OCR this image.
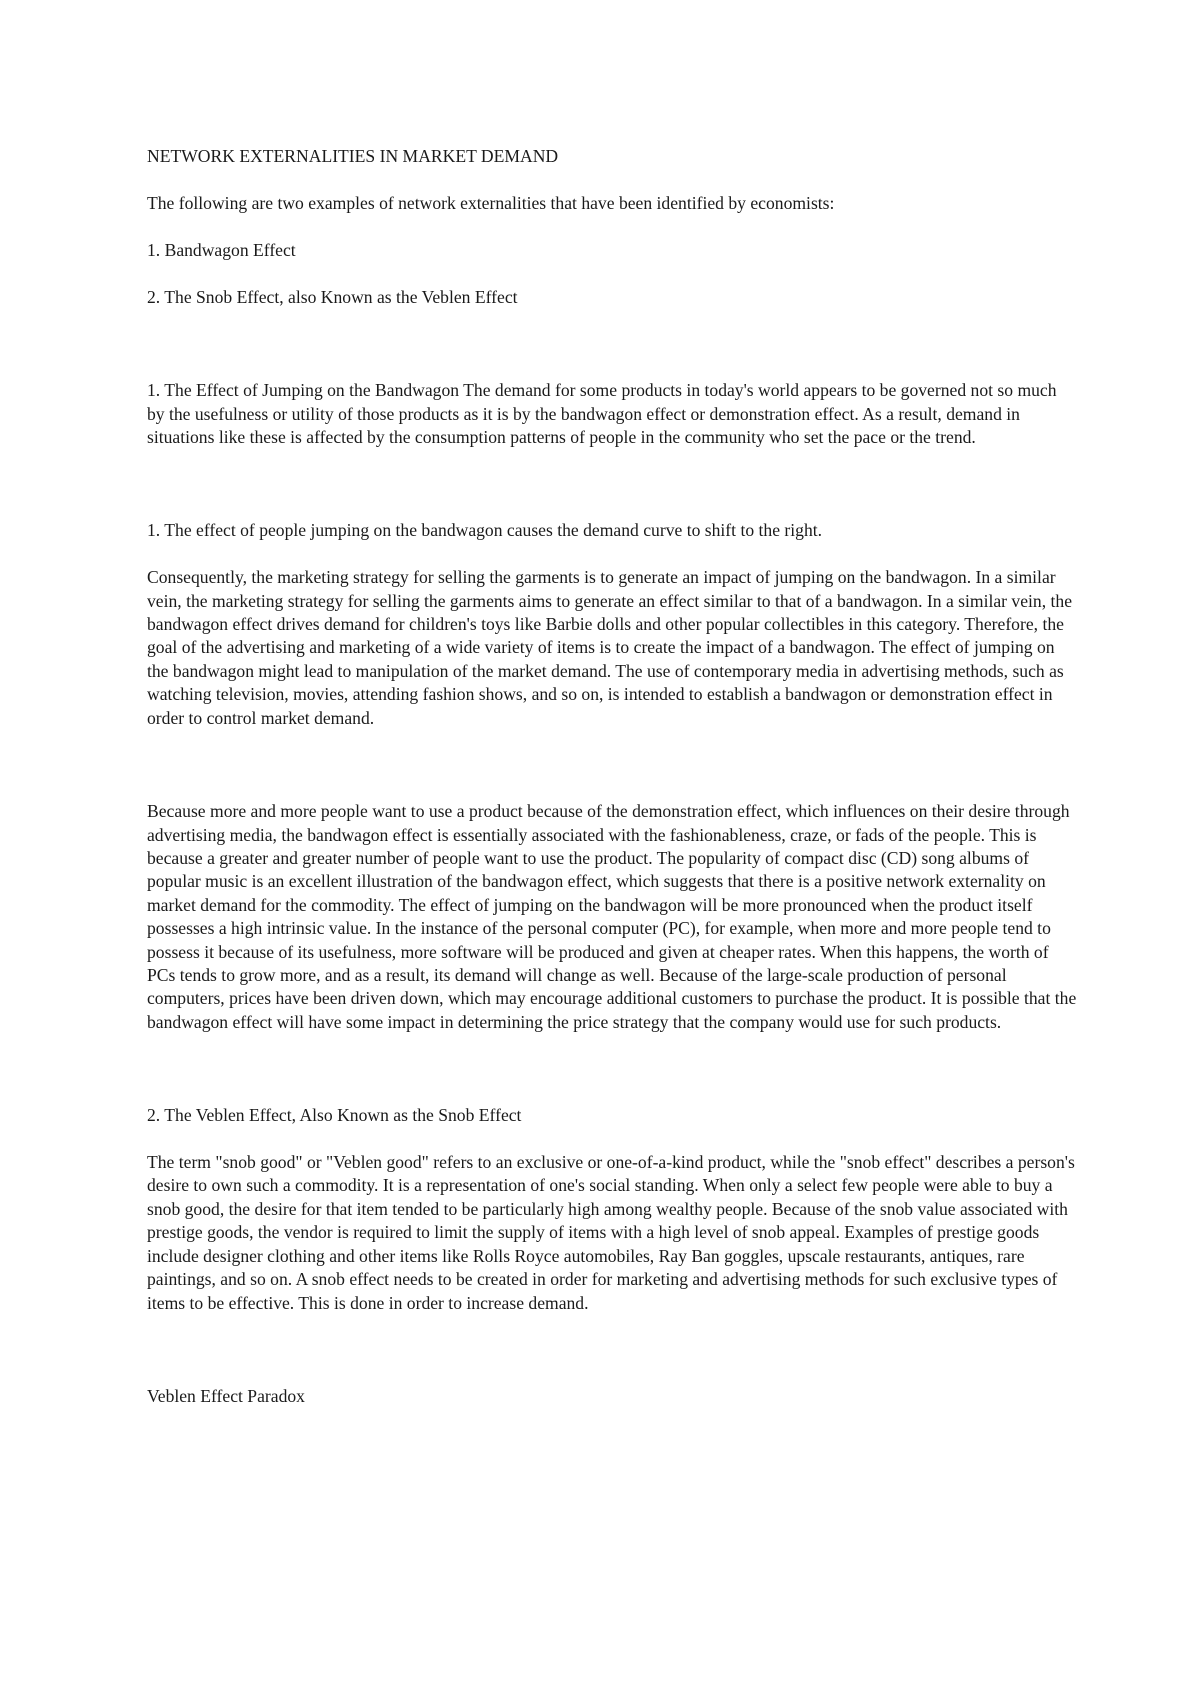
NETWORK EXTERNALITIES IN MARKET DEMAND

The following are two examples of network externalities that have been identified by economists:

1. Bandwagon Effect

2. The Snob Effect, also Known as the Veblen Effect

1. The Effect of Jumping on the Bandwagon The demand for some products in today's world appears to be governed not so much by the usefulness or utility of those products as it is by the bandwagon effect or demonstration effect. As a result, demand in situations like these is affected by the consumption patterns of people in the community who set the pace or the trend.

1. The effect of people jumping on the bandwagon causes the demand curve to shift to the right.

Consequently, the marketing strategy for selling the garments is to generate an impact of jumping on the bandwagon. In a similar vein, the marketing strategy for selling the garments aims to generate an effect similar to that of a bandwagon. In a similar vein, the bandwagon effect drives demand for children's toys like Barbie dolls and other popular collectibles in this category. Therefore, the goal of the advertising and marketing of a wide variety of items is to create the impact of a bandwagon. The effect of jumping on the bandwagon might lead to manipulation of the market demand. The use of contemporary media in advertising methods, such as watching television, movies, attending fashion shows, and so on, is intended to establish a bandwagon or demonstration effect in order to control market demand.

Because more and more people want to use a product because of the demonstration effect, which influences on their desire through advertising media, the bandwagon effect is essentially associated with the fashionableness, craze, or fads of the people. This is because a greater and greater number of people want to use the product. The popularity of compact disc (CD) song albums of popular music is an excellent illustration of the bandwagon effect, which suggests that there is a positive network externality on market demand for the commodity. The effect of jumping on the bandwagon will be more pronounced when the product itself possesses a high intrinsic value. In the instance of the personal computer (PC), for example, when more and more people tend to possess it because of its usefulness, more software will be produced and given at cheaper rates. When this happens, the worth of PCs tends to grow more, and as a result, its demand will change as well. Because of the large-scale production of personal computers, prices have been driven down, which may encourage additional customers to purchase the product. It is possible that the bandwagon effect will have some impact in determining the price strategy that the company would use for such products.

2. The Veblen Effect, Also Known as the Snob Effect

The term "snob good" or "Veblen good" refers to an exclusive or one-of-a-kind product, while the "snob effect" describes a person's desire to own such a commodity. It is a representation of one's social standing. When only a select few people were able to buy a snob good, the desire for that item tended to be particularly high among wealthy people. Because of the snob value associated with prestige goods, the vendor is required to limit the supply of items with a high level of snob appeal. Examples of prestige goods include designer clothing and other items like Rolls Royce automobiles, Ray Ban goggles, upscale restaurants, antiques, rare paintings, and so on. A snob effect needs to be created in order for marketing and advertising methods for such exclusive types of items to be effective. This is done in order to increase demand.

Veblen Effect Paradox
